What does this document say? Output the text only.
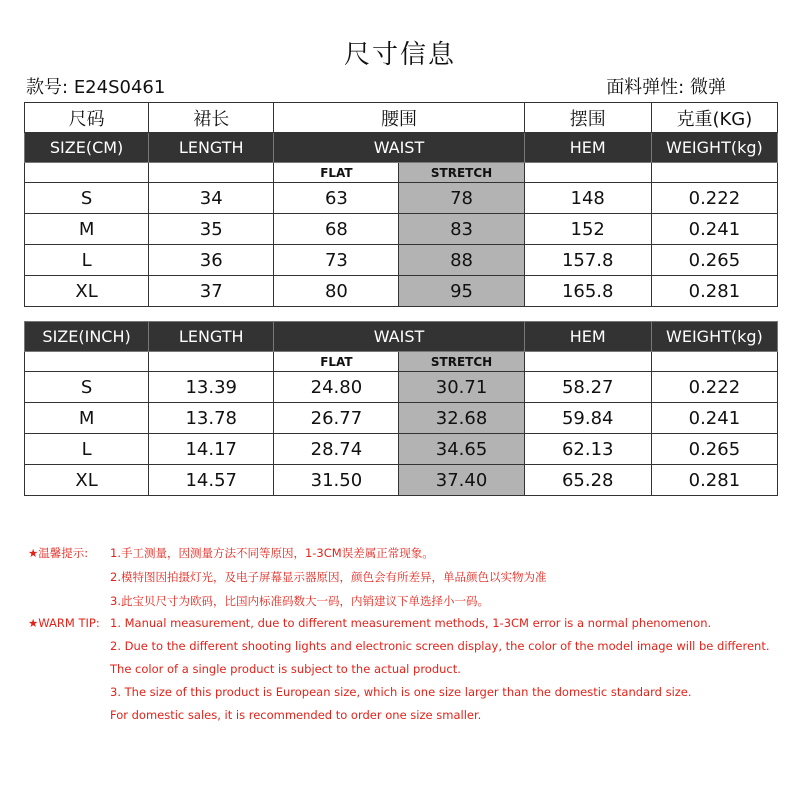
尺寸信息
款号: E24S0461	面料弹性: 微弹
尺码	裙长	腰围		摆围	克重(KG)
SIZE(CM)	LENGTH	WAIST		HEM	WEIGHT(kg)
		FLAT	STRETCH		
S	34	63	78	148	0.222
M	35	68	83	152	0.241
L	36	73	88	157.8	0.265
XL	37	80	95	165.8	0.281
SIZE(INCH)	LENGTH	WAIST		HEM	WEIGHT(kg)
		FLAT	STRETCH		
S	13.39	24.80	30.71	58.27	0.222
M	13.78	26.77	32.68	59.84	0.241
L	14.17	28.74	34.65	62.13	0.265
XL	14.57	31.50	37.40	65.28	0.281
★温馨提示: 1.手工测量，因测量方法不同等原因，1-3CM误差属正常现象。
2.模特图因拍摄灯光，及电子屏幕显示器原因，颜色会有所差异，单品颜色以实物为准
3.此宝贝尺寸为欧码，比国内标准码数大一码，内销建议下单选择小一码。
★WARM TIP: 1. Manual measurement, due to different measurement methods, 1-3CM error is a normal phenomenon.
2. Due to the different shooting lights and electronic screen display, the color of the model image will be different.
The color of a single product is subject to the actual product.
3. The size of this product is European size, which is one size larger than the domestic standard size.
For domestic sales, it is recommended to order one size smaller.
